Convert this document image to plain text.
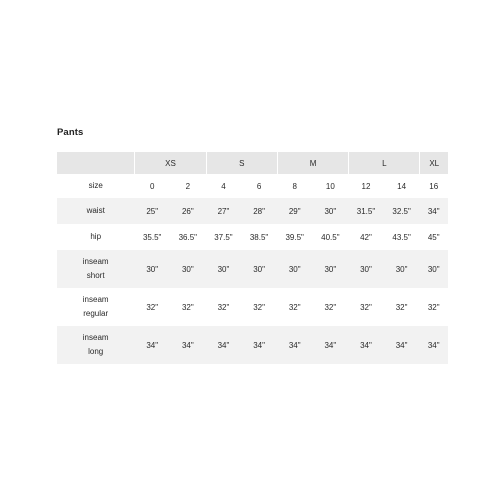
Pants
	XS		S		M		L		XL

size	0	2	4	6	8	10	12	14	16

waist	25"	26"	27"	28"	29"	30"	31.5"	32.5"	34"

hip	35.5"	36.5"	37.5"	38.5"	39.5"	40.5"	42"	43.5"	45"

inseam
short	30"	30"	30"	30"	30"	30"	30"	30"	30"

inseam
regular	32"	32"	32"	32"	32"	32"	32"	32"	32"

inseam
long	34"	34"	34"	34"	34"	34"	34"	34"	34"
